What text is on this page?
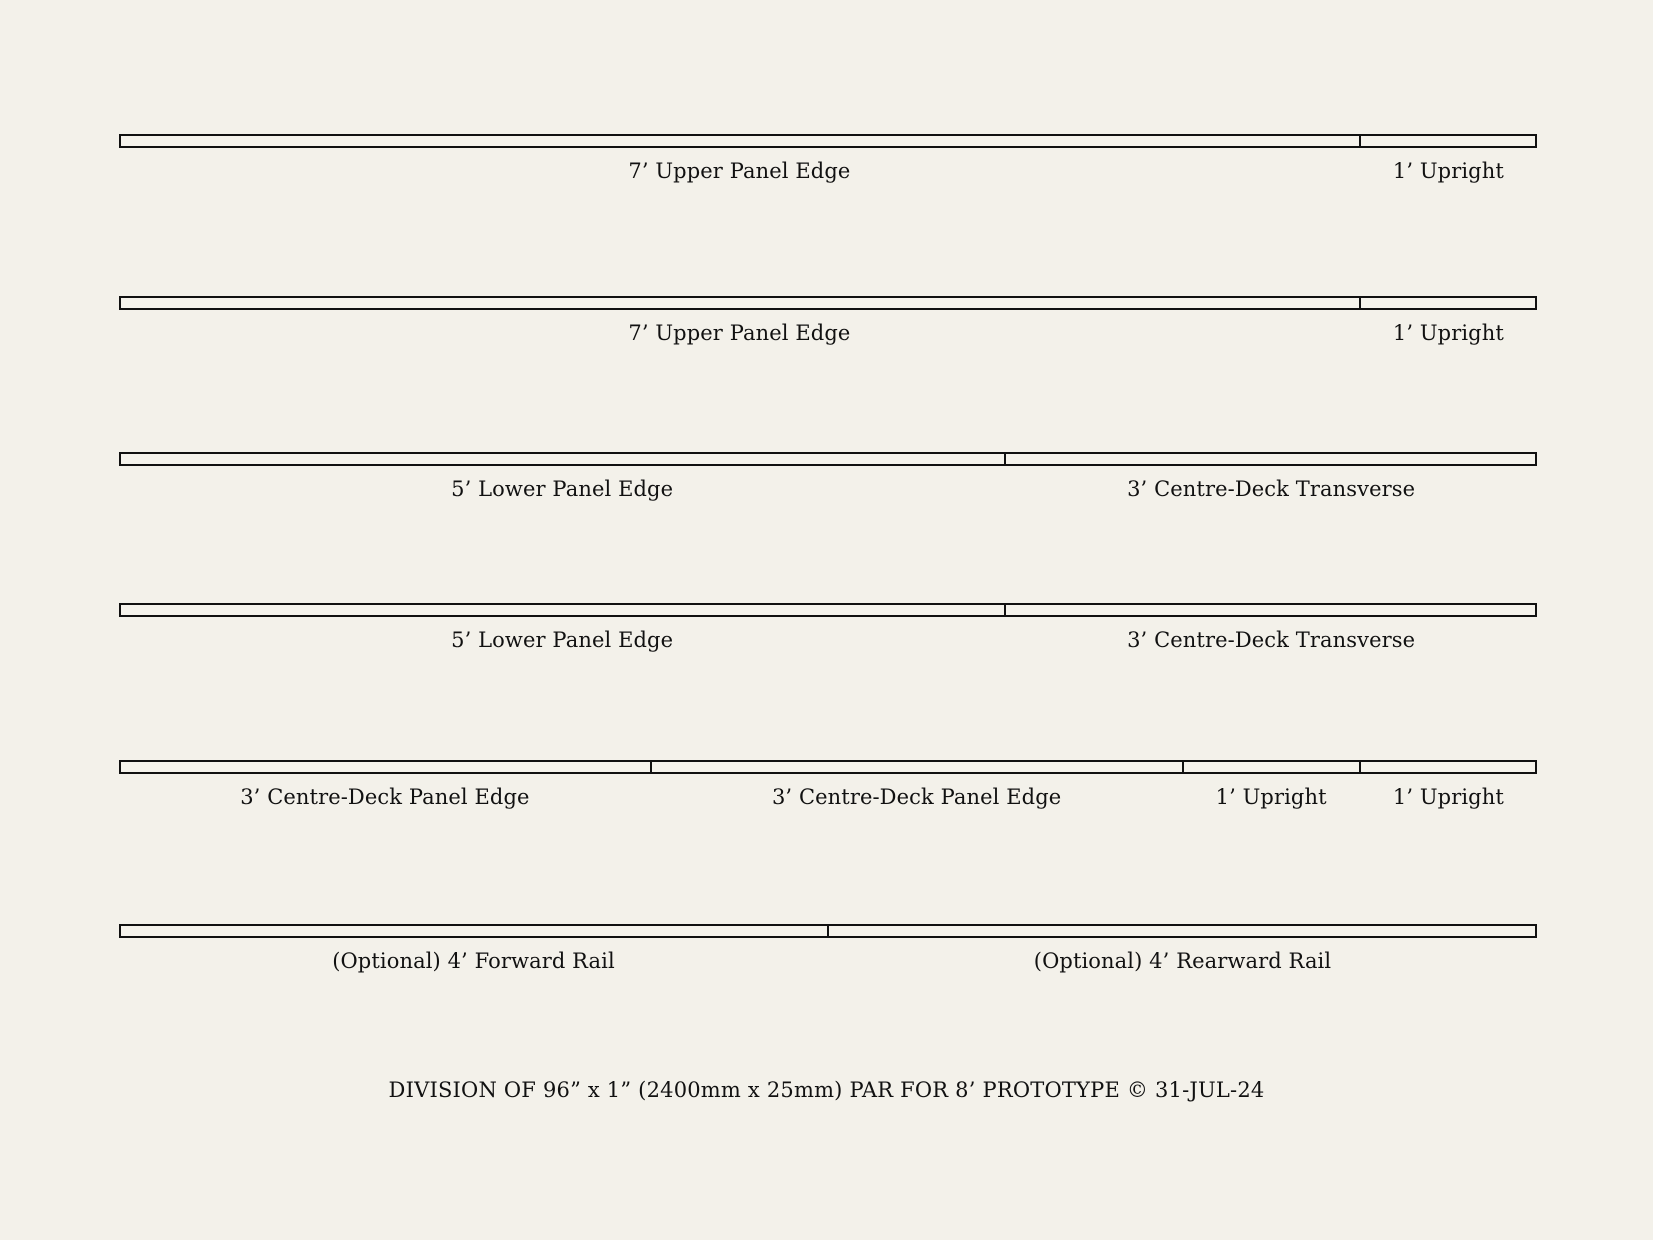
7’ Upper Panel Edge	1’ Upright
7’ Upper Panel Edge	1’ Upright
5’ Lower Panel Edge	3’ Centre-Deck Transverse
5’ Lower Panel Edge	3’ Centre-Deck Transverse
3’ Centre-Deck Panel Edge	3’ Centre-Deck Panel Edge	1’ Upright	1’ Upright
(Optional) 4’ Forward Rail	(Optional) 4’ Rearward Rail
DIVISION OF 96” x 1” (2400mm x 25mm) PAR FOR 8’ PROTOTYPE © 31-JUL-24
